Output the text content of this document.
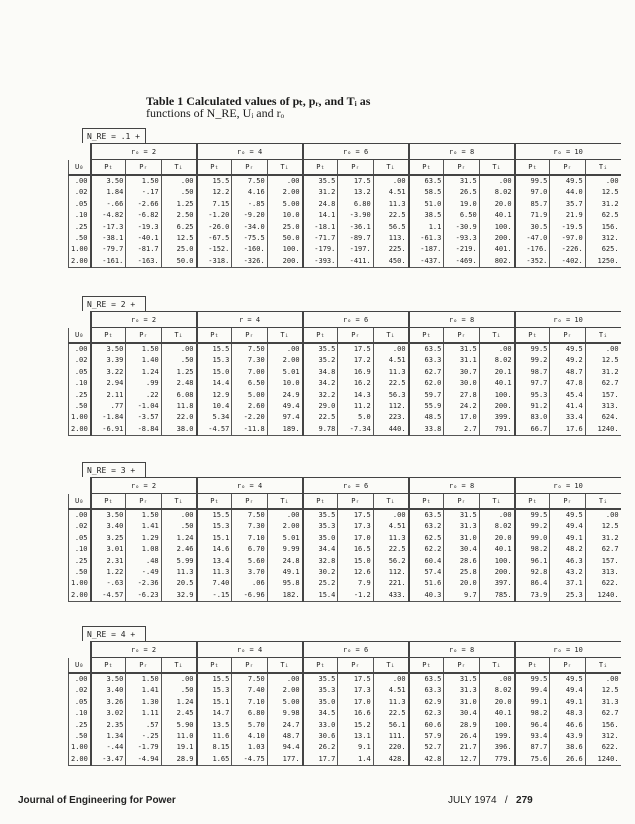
Table 1 Calculated values of pₜ, pᵣ, and Tᵢ as
functions of N_RE, Uᵢ and rₒ
N_RE = .1 +
	rₒ = 2			rₒ = 4			rₒ = 6			rₒ = 8			rₒ = 10		
U₀	Pₜ	Pᵣ	Tᵢ	Pₜ	Pᵣ	Tᵢ	Pₜ	Pᵣ	Tᵢ	Pₜ	Pᵣ	Tᵢ	Pₜ	Pᵣ	Tᵢ
.00	3.50	1.50	.00	15.5	7.50	.00	35.5	17.5	.00	63.5	31.5	.00	99.5	49.5	.00
.02	1.84	-.17	.50	12.2	4.16	2.00	31.2	13.2	4.51	58.5	26.5	8.02	97.0	44.0	12.5
.05	-.66	-2.66	1.25	7.15	-.85	5.00	24.8	6.80	11.3	51.0	19.0	20.0	85.7	35.7	31.2
.10	-4.82	-6.82	2.50	-1.20	-9.20	10.0	14.1	-3.90	22.5	38.5	6.50	40.1	71.9	21.9	62.5
.25	-17.3	-19.3	6.25	-26.0	-34.0	25.0	-18.1	-36.1	56.5	1.1	-30.9	100.	30.5	-19.5	156.
.50	-38.1	-40.1	12.5	-67.5	-75.5	50.0	-71.7	-89.7	113.	-61.3	-93.3	200.	-47.0	-97.0	312.
1.00	-79.7	-81.7	25.0	-152.	-160.	100.	-179.	-197.	225.	-187.	-219.	401.	-176.	-226.	625.
2.00	-161.	-163.	50.0	-318.	-326.	200.	-393.	-411.	450.	-437.	-469.	802.	-352.	-402.	1250.
N_RE = 2 +
	rₒ = 2			r = 4			rₒ = 6			rₒ = 8			rₒ = 10		
U₀	Pₜ	Pᵣ	Tᵢ	Pₜ	Pᵣ	Tᵢ	Pₜ	Pᵣ	Tᵢ	Pₜ	Pᵣ	Tᵢ	Pₜ	Pᵣ	Tᵢ
.00	3.50	1.50	.00	15.5	7.50	.00	35.5	17.5	.00	63.5	31.5	.00	99.5	49.5	.00
.02	3.39	1.40	.50	15.3	7.30	2.00	35.2	17.2	4.51	63.3	31.1	8.02	99.2	49.2	12.5
.05	3.22	1.24	1.25	15.0	7.00	5.01	34.8	16.9	11.3	62.7	30.7	20.1	98.7	48.7	31.2
.10	2.94	.99	2.48	14.4	6.50	10.0	34.2	16.2	22.5	62.0	30.0	40.1	97.7	47.8	62.7
.25	2.11	.22	6.08	12.9	5.00	24.9	32.2	14.3	56.3	59.7	27.8	100.	95.3	45.4	157.
.50	.77	-1.04	11.8	10.4	2.60	49.4	29.0	11.2	112.	55.9	24.2	200.	91.2	41.4	313.
1.00	-1.84	-3.57	22.0	5.34	-2.20	97.4	22.5	5.0	223.	48.5	17.0	399.	83.0	33.4	624.
2.00	-6.91	-8.84	38.0	-4.57	-11.8	189.	9.78	-7.34	440.	33.8	2.7	791.	66.7	17.6	1240.
N_RE = 3 +
	rₒ = 2			rₒ = 4			rₒ = 6			rₒ = 8			rₒ = 10		
U₀	Pₜ	Pᵣ	Tᵢ	Pₜ	Pᵣ	Tᵢ	Pₜ	Pᵣ	Tᵢ	Pₜ	Pᵣ	Tᵢ	Pₜ	Pᵣ	Tᵢ
.00	3.50	1.50	.00	15.5	7.50	.00	35.5	17.5	.00	63.5	31.5	.00	99.5	49.5	.00
.02	3.40	1.41	.50	15.3	7.30	2.00	35.3	17.3	4.51	63.2	31.3	8.02	99.2	49.4	12.5
.05	3.25	1.29	1.24	15.1	7.10	5.01	35.0	17.0	11.3	62.5	31.0	20.0	99.0	49.1	31.2
.10	3.01	1.08	2.46	14.6	6.70	9.99	34.4	16.5	22.5	62.2	30.4	40.1	98.2	48.2	62.7
.25	2.31	.48	5.99	13.4	5.60	24.8	32.8	15.0	56.2	60.4	28.6	100.	96.1	46.3	157.
.50	1.22	-.49	11.3	11.3	3.70	49.1	30.2	12.6	112.	57.4	25.8	200.	92.8	43.2	313.
1.00	-.63	-2.36	20.5	7.40	.06	95.8	25.2	7.9	221.	51.6	20.0	397.	86.4	37.1	622.
2.00	-4.57	-6.23	32.9	-.15	-6.96	182.	15.4	-1.2	433.	40.3	9.7	785.	73.9	25.3	1240.
N_RE = 4 +
	rₒ = 2			rₒ = 4			rₒ = 6			rₒ = 8			rₒ = 10		
U₀	Pₜ	Pᵣ	Tᵢ	Pₜ	Pᵣ	Tᵢ	Pₜ	Pᵣ	Tᵢ	Pₜ	Pᵣ	Tᵢ	Pₜ	Pᵣ	Tᵢ
.00	3.50	1.50	.00	15.5	7.50	.00	35.5	17.5	.00	63.5	31.5	.00	99.5	49.5	.00
.02	3.40	1.41	.50	15.3	7.40	2.00	35.3	17.3	4.51	63.3	31.3	8.02	99.4	49.4	12.5
.05	3.26	1.30	1.24	15.1	7.10	5.00	35.0	17.0	11.3	62.9	31.0	20.0	99.1	49.1	31.3
.10	3.02	1.11	2.45	14.7	6.80	9.98	34.5	16.6	22.5	62.3	30.4	40.1	98.2	48.3	62.7
.25	2.35	.57	5.90	13.5	5.70	24.7	33.0	15.2	56.1	60.6	28.9	100.	96.4	46.6	156.
.50	1.34	-.25	11.0	11.6	4.10	48.7	30.6	13.1	111.	57.9	26.4	199.	93.4	43.9	312.
1.00	-.44	-1.79	19.1	8.15	1.03	94.4	26.2	9.1	220.	52.7	21.7	396.	87.7	38.6	622.
2.00	-3.47	-4.94	28.9	1.65	-4.75	177.	17.7	1.4	428.	42.8	12.7	779.	75.6	26.6	1240.
Journal of Engineering for Power	JULY 1974 / 279
